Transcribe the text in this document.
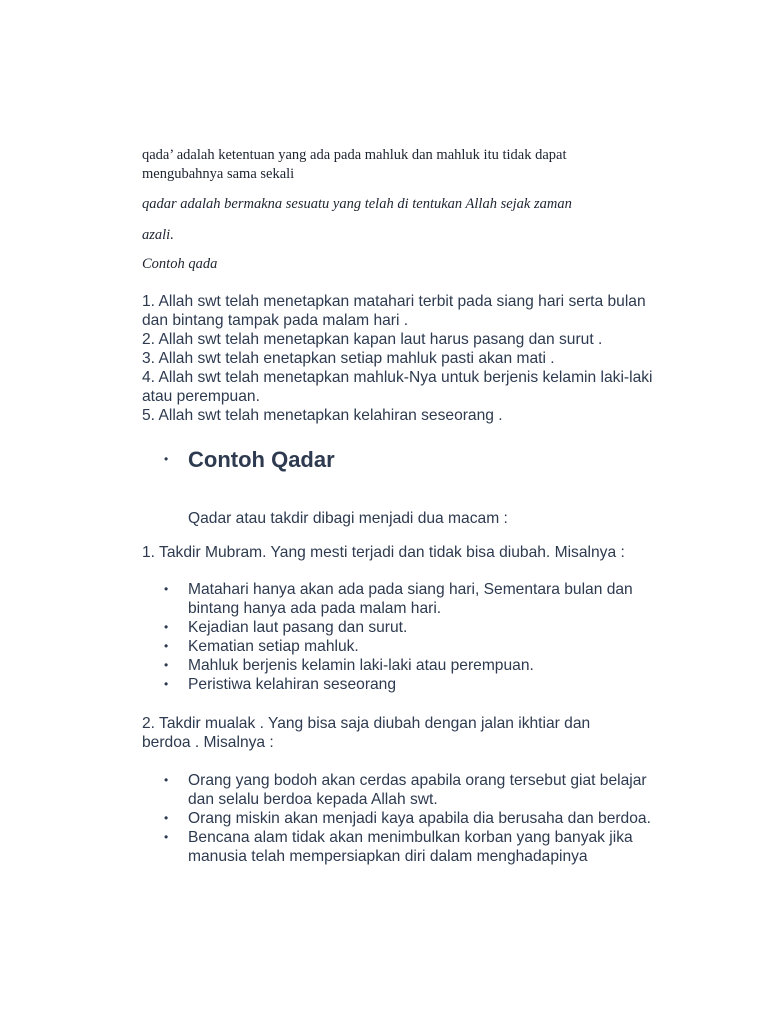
qada’ adalah ketentuan yang ada pada mahluk dan mahluk itu tidak dapat mengubahnya sama sekali

qadar adalah bermakna sesuatu yang telah di tentukan Allah sejak zaman

azali.

Contoh qada

1. Allah swt telah menetapkan matahari terbit pada siang hari serta bulan dan bintang tampak pada malam hari .
2. Allah swt telah menetapkan kapan laut harus pasang dan surut .
3. Allah swt telah enetapkan setiap mahluk pasti akan mati .
4. Allah swt telah menetapkan mahluk-Nya untuk berjenis kelamin laki-laki atau perempuan.
5. Allah swt telah menetapkan kelahiran seseorang .
• Contoh Qadar

Qadar atau takdir dibagi menjadi dua macam :

1. Takdir Mubram. Yang mesti terjadi dan tidak bisa diubah. Misalnya :

• Matahari hanya akan ada pada siang hari, Sementara bulan dan bintang hanya ada pada malam hari.
• Kejadian laut pasang dan surut.
• Kematian setiap mahluk.
• Mahluk berjenis kelamin laki-laki atau perempuan.
• Peristiwa kelahiran seseorang

2. Takdir mualak . Yang bisa saja diubah dengan jalan ikhtiar dan berdoa . Misalnya :

• Orang yang bodoh akan cerdas apabila orang tersebut giat belajar dan selalu berdoa kepada Allah swt.
• Orang miskin akan menjadi kaya apabila dia berusaha dan berdoa.
• Bencana alam tidak akan menimbulkan korban yang banyak jika manusia telah mempersiapkan diri dalam menghadapinya
